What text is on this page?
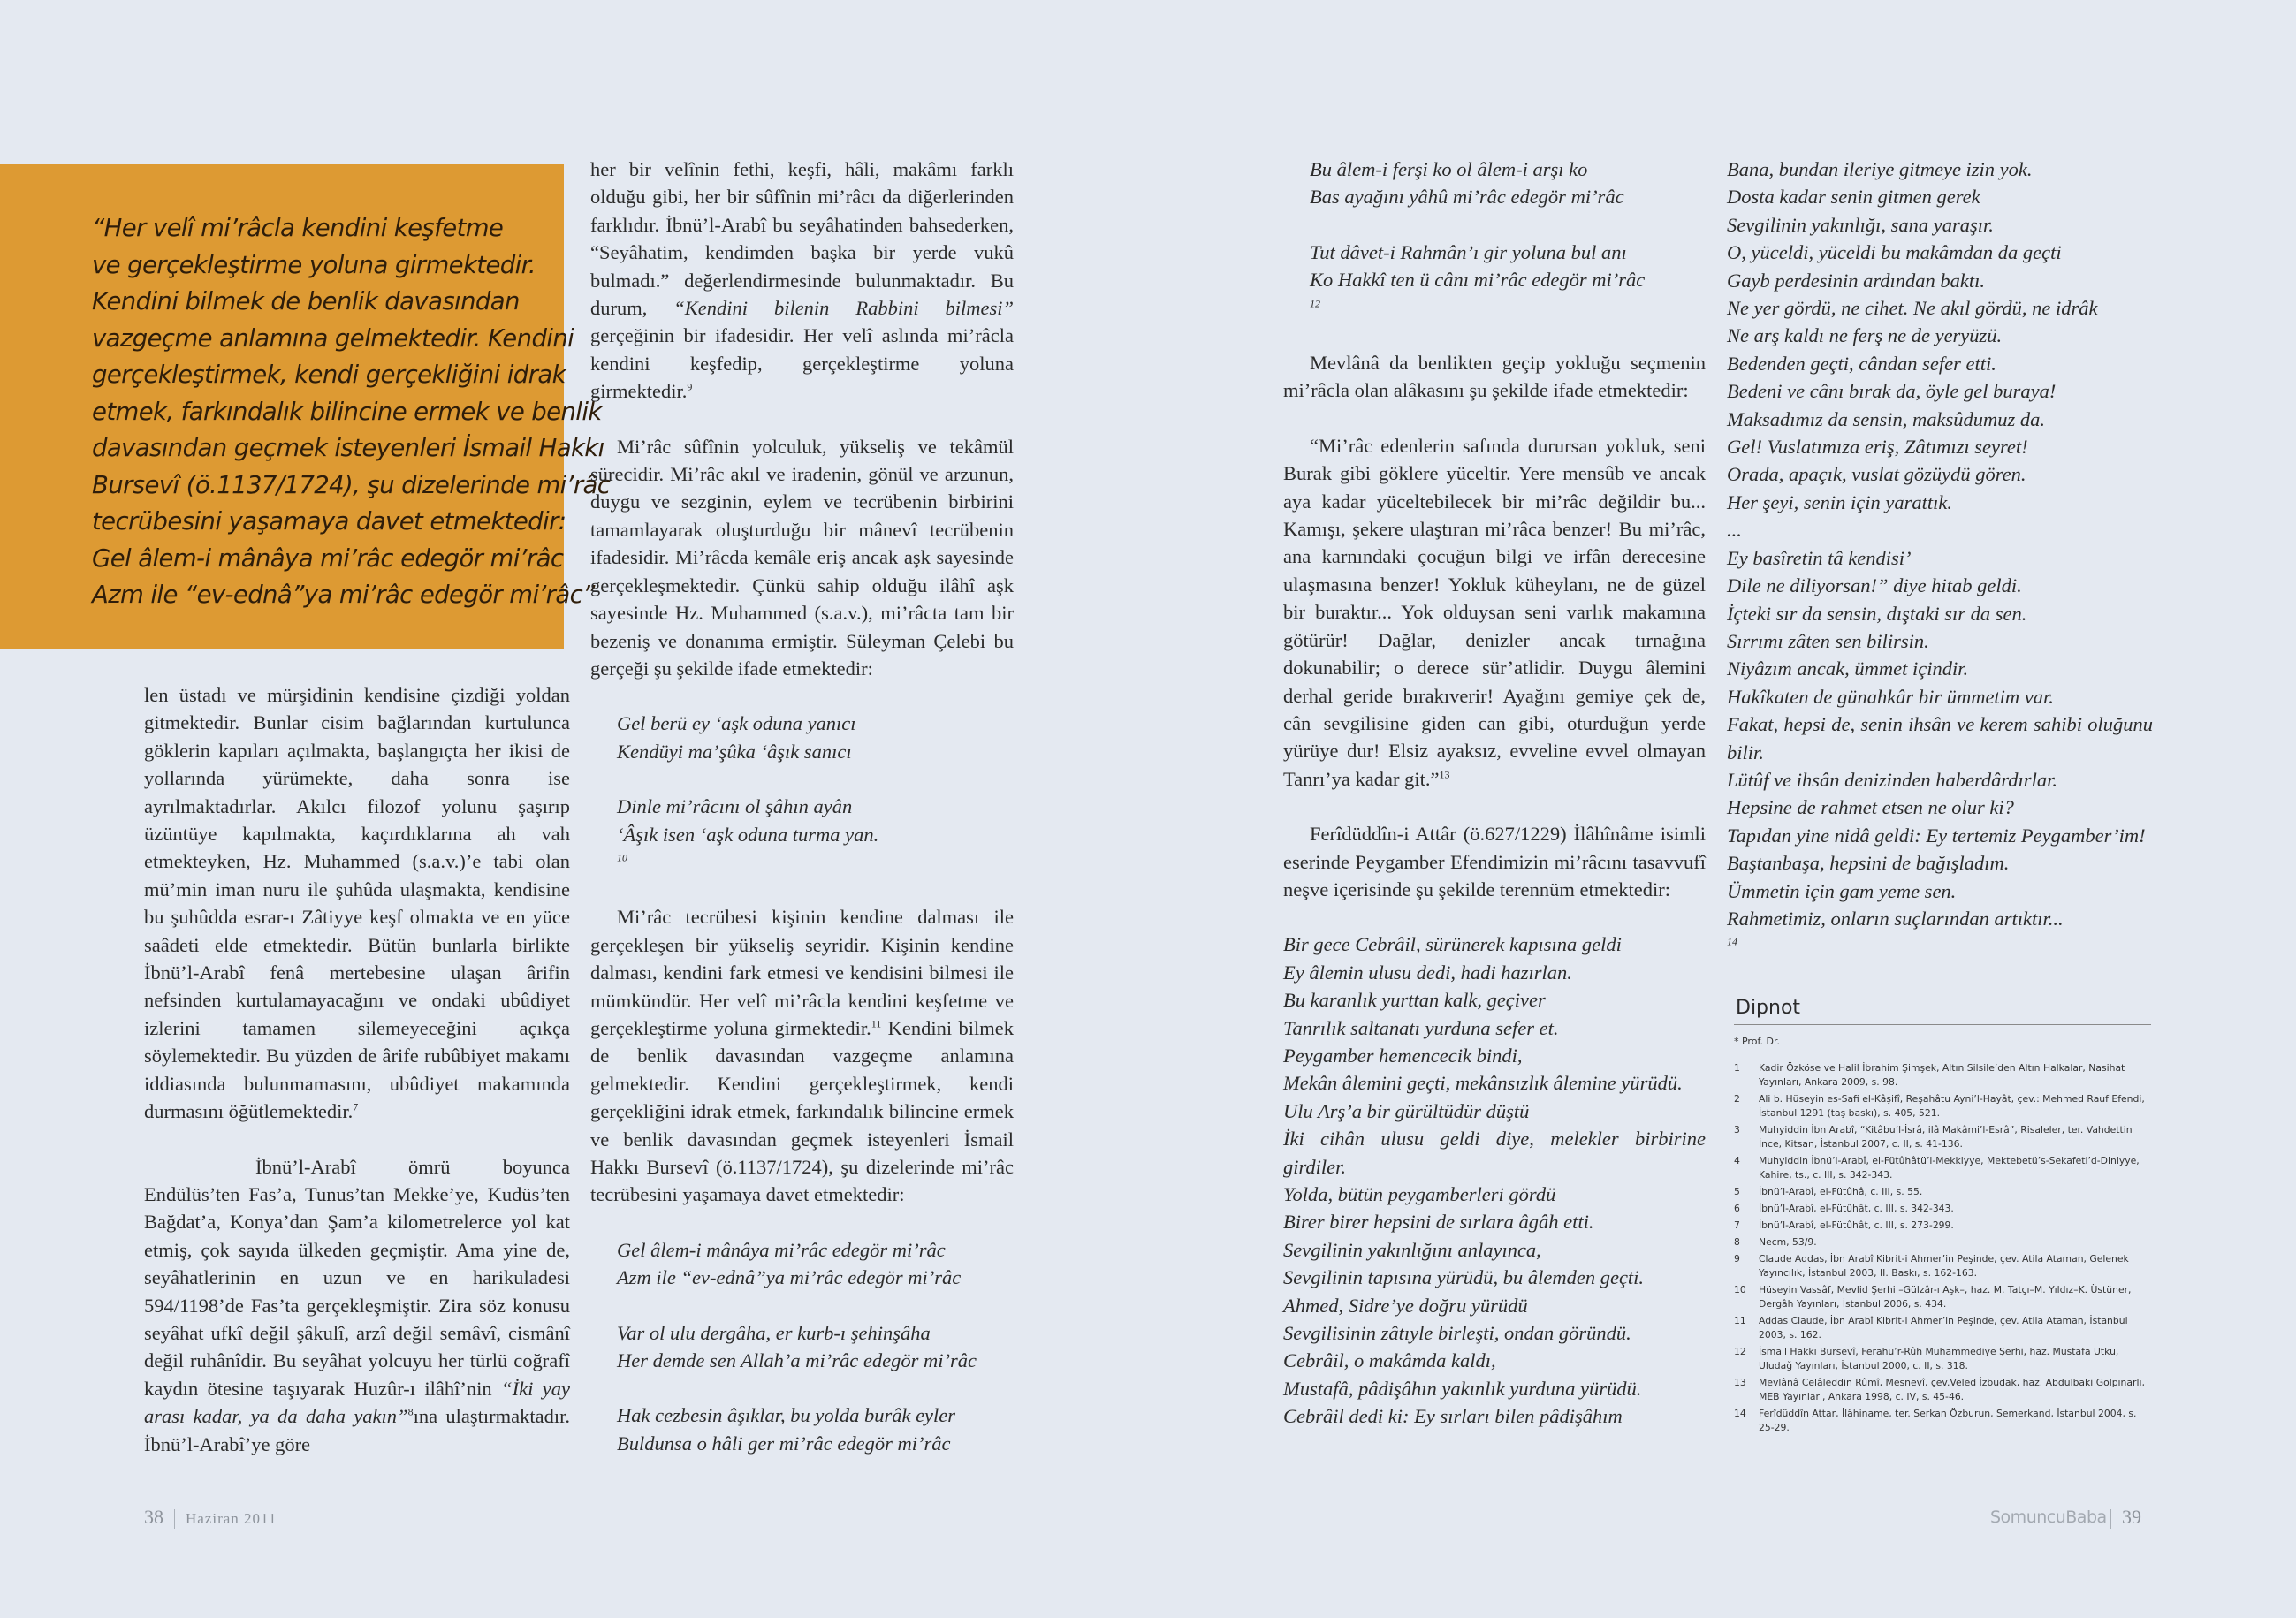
“Her velî mi’râcla kendini keşfetme
ve gerçekleştirme yoluna girmektedir.
Kendini bilmek de benlik davasından
vazgeçme anlamına gelmektedir. Kendini
gerçekleştirmek, kendi gerçekliğini idrak
etmek, farkındalık bilincine ermek ve benlik
davasından geçmek isteyenleri İsmail Hakkı
Bursevî (ö.1137/1724), şu dizelerinde mi’râc
tecrübesini yaşamaya davet etmektedir:
Gel âlem-i mânâya mi’râc edegör mi’râc
Azm ile “ev-ednâ”ya mi’râc edegör mi’râc”

len üstadı ve mürşidinin kendisine çizdiği yoldan gitmektedir. Bunlar cisim bağlarından kurtulunca göklerin kapıları açılmakta, başlangıçta her ikisi de yollarında yürümekte, daha sonra ise ayrılmaktadırlar. Akılcı filozof yolunu şaşırıp üzüntüye kapılmakta, kaçırdıklarına ah vah etmekteyken, Hz. Muhammed (s.a.v.)’e tabi olan mü’min iman nuru ile şuhûda ulaşmakta, kendisine bu şuhûdda esrar-ı Zâtiyye keşf olmakta ve en yüce saâdeti elde etmektedir. Bütün bunlarla birlikte İbnü’l-Arabî fenâ mertebesine ulaşan ârifin nefsinden kurtulamayacağını ve ondaki ubûdiyet izlerini tamamen silemeyeceğini açıkça söylemektedir. Bu yüzden de ârife rubûbiyet makamı iddiasında bulunmamasını, ubûdiyet makamında durmasını öğütlemektedir.$^7$

İbnü’l-Arabî ömrü boyunca Endülüs’ten Fas’a, Tunus’tan Mekke’ye, Kudüs’ten Bağdat’a, Konya’dan Şam’a kilometrelerce yol kat etmiş, çok sayıda ülkeden geçmiştir. Ama yine de, seyâhatlerinin en uzun ve en harikuladesi 594/1198’de Fas’ta gerçekleşmiştir. Zira söz konusu seyâhat ufkî değil şâkulî, arzî değil semâvî, cismânî değil ruhânîdir. Bu seyâhat yolcuyu her türlü coğrafî kaydın ötesine taşıyarak Huzûr-ı ilâhî’nin “İki yay arası kadar, ya da daha yakın”$^8$ına ulaştırmaktadır. İbnü’l-Arabî’ye göre

her bir velînin fethi, keşfi, hâli, makâmı farklı olduğu gibi, her bir sûfînin mi’râcı da diğerlerinden farklıdır. İbnü’l-Arabî bu seyâhatinden bahsederken, “Seyâhatim, kendimden başka bir yerde vukû bulmadı.” değerlendirmesinde bulunmaktadır. Bu durum, “Kendini bilenin Rabbini bilmesi” gerçeğinin bir ifadesidir. Her velî aslında mi’râcla kendini keşfedip, gerçekleştirme yoluna girmektedir.$^9$

Mi’râc sûfînin yolculuk, yükseliş ve tekâmül sürecidir. Mi’râc akıl ve iradenin, gönül ve arzunun, duygu ve sezginin, eylem ve tecrübenin birbirini tamamlayarak oluşturduğu bir mânevî tecrübenin ifadesidir. Mi’râcda kemâle eriş ancak aşk sayesinde gerçekleşmektedir. Çünkü sahip olduğu ilâhî aşk sayesinde Hz. Muhammed (s.a.v.), mi’râcta tam bir bezeniş ve donanıma ermiştir. Süleyman Çelebi bu gerçeği şu şekilde ifade etmektedir:

Gel berü ey ‘aşk oduna yanıcı
Kendüyi ma’şûka ‘âşık sanıcı

Dinle mi’râcını ol şâhın ayân
‘Âşık isen ‘aşk oduna turma yan.
$^{10}$

Mi’râc tecrübesi kişinin kendine dalması ile gerçekleşen bir yükseliş seyridir. Kişinin kendine dalması, kendini fark etmesi ve kendisini bilmesi ile mümkündür. Her velî mi’râcla kendini keşfetme ve gerçekleştirme yoluna girmektedir.$^{11}$ Kendini bilmek de benlik davasından vazgeçme anlamına gelmektedir. Kendini gerçekleştirmek, kendi gerçekliğini idrak etmek, farkındalık bilincine ermek ve benlik davasından geçmek isteyenleri İsmail Hakkı Bursevî (ö.1137/1724), şu dizelerinde mi’râc tecrübesini yaşamaya davet etmektedir:

Gel âlem-i mânâya mi’râc edegör mi’râc
Azm ile “ev-ednâ”ya mi’râc edegör mi’râc

Var ol ulu dergâha, er kurb-ı şehinşâha
Her demde sen Allah’a mi’râc edegör mi’râc

Hak cezbesin âşıklar, bu yolda burâk eyler
Buldunsa o hâli ger mi’râc edegör mi’râc

Bu âlem-i ferşi ko ol âlem-i arşı ko
Bas ayağını yâhû mi’râc edegör mi’râc

Tut dâvet-i Rahmân’ı gir yoluna bul anı
Ko Hakkî ten ü cânı mi’râc edegör mi’râc
$^{12}$

Mevlânâ da benlikten geçip yokluğu seçmenin mi’râcla olan alâkasını şu şekilde ifade etmektedir:

“Mi’râc edenlerin safında durursan yokluk, seni Burak gibi göklere yüceltir. Yere mensûb ve ancak aya kadar yüceltebilecek bir mi’râc değildir bu... Kamışı, şekere ulaştıran mi’râca benzer! Bu mi’râc, ana karnındaki çocuğun bilgi ve irfân derecesine ulaşmasına benzer! Yokluk küheylanı, ne de güzel bir buraktır... Yok olduysan seni varlık makamına götürür! Dağlar, denizler ancak tırnağına dokunabilir; o derece sür’atlidir. Duygu âlemini derhal geride bırakıverir! Ayağını gemiye çek de, cân sevgilisine giden can gibi, oturduğun yerde yürüye dur! Elsiz ayaksız, evveline evvel olmayan Tanrı’ya kadar git.”$^{13}$

Ferîdüddîn-i Attâr (ö.627/1229) İlâhînâme isimli eserinde Peygamber Efendimizin mi’râcını tasavvufî neşve içerisinde şu şekilde terennüm etmektedir:

Bir gece Cebrâil, sürünerek kapısına geldi
Ey âlemin ulusu dedi, hadi hazırlan.
Bu karanlık yurttan kalk, geçiver
Tanrılık saltanatı yurduna sefer et.
Peygamber hemencecik bindi,
Mekân âlemini geçti, mekânsızlık âlemine yürüdü.
Ulu Arş’a bir gürültüdür düştü
İki cihân ulusu geldi diye, melekler birbirine girdiler.
Yolda, bütün peygamberleri gördü
Birer birer hepsini de sırlara âgâh etti.
Sevgilinin yakınlığını anlayınca,
Sevgilinin tapısına yürüdü, bu âlemden geçti.
Ahmed, Sidre’ye doğru yürüdü
Sevgilisinin zâtıyle birleşti, ondan göründü.
Cebrâil, o makâmda kaldı,
Mustafâ, pâdişâhın yakınlık yurduna yürüdü.
Cebrâil dedi ki: Ey sırları bilen pâdişâhım

Bana, bundan ileriye gitmeye izin yok.
Dosta kadar senin gitmen gerek
Sevgilinin yakınlığı, sana yaraşır.
O, yüceldi, yüceldi bu makâmdan da geçti
Gayb perdesinin ardından baktı.
Ne yer gördü, ne cihet. Ne akıl gördü, ne idrâk
Ne arş kaldı ne ferş ne de yeryüzü.
Bedenden geçti, cândan sefer etti.
Bedeni ve cânı bırak da, öyle gel buraya!
Maksadımız da sensin, maksûdumuz da.
Gel! Vuslatımıza eriş, Zâtımızı seyret!
Orada, apaçık, vuslat gözüydü gören.
Her şeyi, senin için yarattık.
...
Ey basîretin tâ kendisi’
Dile ne diliyorsan!” diye hitab geldi.
İçteki sır da sensin, dıştaki sır da sen.
Sırrımı zâten sen bilirsin.
Niyâzım ancak, ümmet içindir.
Hakîkaten de günahkâr bir ümmetim var.
Fakat, hepsi de, senin ihsân ve kerem sahibi oluğunu bilir.
Lütûf ve ihsân denizinden haberdârdırlar.
Hepsine de rahmet etsen ne olur ki?
Tapıdan yine nidâ geldi: Ey tertemiz Peygamber’im!
Baştanbaşa, hepsini de bağışladım.
Ümmetin için gam yeme sen.
Rahmetimiz, onların suçlarından artıktır...
$^{14}$

Dipnot
* Prof. Dr.
1	Kadir Özköse ve Halil İbrahim Şimşek, Altın Silsile’den Altın Halkalar, Nasihat Yayınları, Ankara 2009, s. 98.
2	Ali b. Hüseyin es-Safi el-Kâşifî, Reşahâtu Ayni’l-Hayât, çev.: Mehmed Rauf Efendi, İstanbul 1291 (taş baskı), s. 405, 521.
3	Muhyiddin İbn Arabî, “Kitâbu’l-İsrâ, ilâ Makâmi’l-Esrâ”, Risaleler, ter. Vahdettin İnce, Kitsan, İstanbul 2007, c. II, s. 41-136.
4	Muhyiddin İbnü’l-Arabî, el-Fütûhâtü’l-Mekkiyye, Mektebetü’s-Sekafeti’d-Diniyye, Kahire, ts., c. III, s. 342-343.
5	İbnü’l-Arabî, el-Fütûhâ, c. III, s. 55.
6	İbnü’l-Arabî, el-Fütûhât, c. III, s. 342-343.
7	İbnü’l-Arabî, el-Fütûhât, c. III, s. 273-299.
8	Necm, 53/9.
9	Claude Addas, İbn Arabî Kibrit-i Ahmer’in Peşinde, çev. Atila Ataman, Gelenek Yayıncılık, İstanbul 2003, II. Baskı, s. 162-163.
10	Hüseyin Vassâf, Mevlid Şerhi –Gülzâr-ı Aşk–, haz. M. Tatçı–M. Yıldız–K. Üstüner, Dergâh Yayınları, İstanbul 2006, s. 434.
11	Addas Claude, İbn Arabî Kibrit-i Ahmer’in Peşinde, çev. Atila Ataman, İstanbul 2003, s. 162.
12	İsmail Hakkı Bursevî, Ferahu’r-Rûh Muhammediye Şerhi, haz. Mustafa Utku, Uludağ Yayınları, İstanbul 2000, c. II, s. 318.
13	Mevlânâ Celâleddin Rûmî, Mesnevî, çev.Veled İzbudak, haz. Abdülbaki Gölpınarlı, MEB Yayınları, Ankara 1998, c. IV, s. 45-46.
14	Ferîdüddîn Attar, İlâhiname, ter. Serkan Özburun, Semerkand, İstanbul 2004, s. 25-29.
38 Haziran 2011	SomuncuBaba 39
